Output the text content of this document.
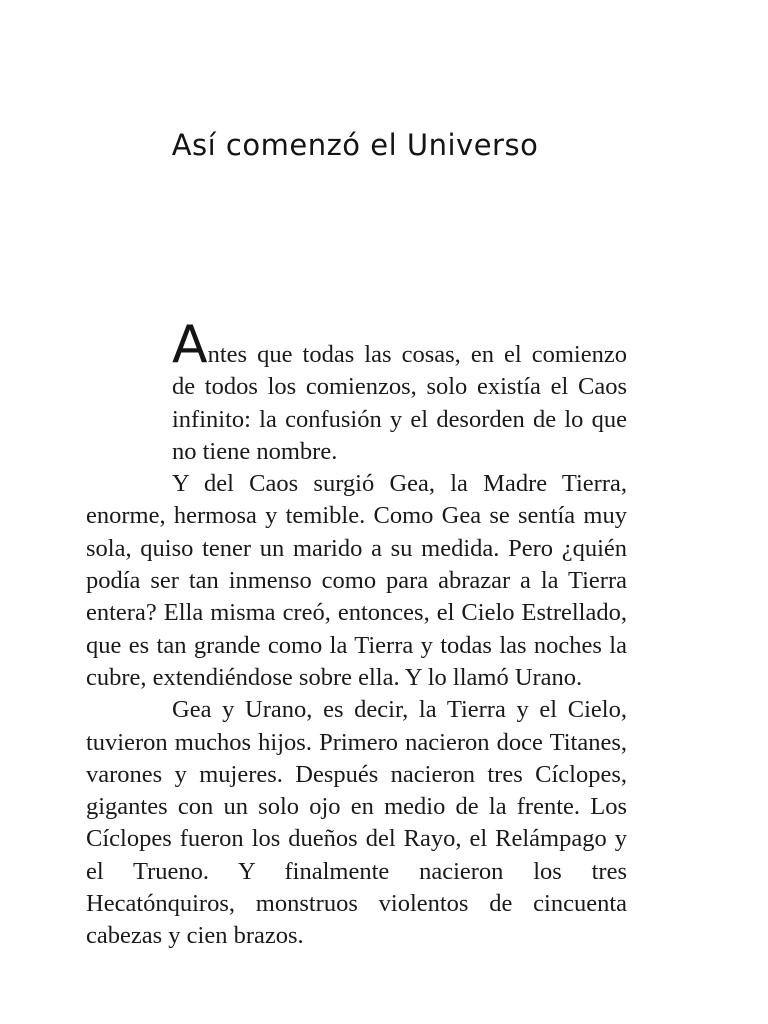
Así comenzó el Universo

Antes que todas las cosas, en el comienzo de todos los comienzos, solo existía el Caos infinito: la confusión y el desorden de lo que no tiene nombre.

Y del Caos surgió Gea, la Madre Tierra, enorme, hermosa y temible. Como Gea se sentía muy sola, quiso tener un marido a su medida. Pero ¿quién podía ser tan inmenso como para abrazar a la Tierra entera? Ella misma creó, entonces, el Cielo Estrellado, que es tan grande como la Tierra y todas las noches la cubre, extendiéndose sobre ella. Y lo llamó Urano.

Gea y Urano, es decir, la Tierra y el Cielo, tuvieron muchos hijos. Primero nacieron doce Titanes, varones y mujeres. Después nacieron tres Cíclopes, gigantes con un solo ojo en medio de la frente. Los Cíclopes fueron los dueños del Rayo, el Relámpago y el Trueno. Y finalmente nacieron los tres Hecatónquiros, monstruos violentos de cincuenta cabezas y cien brazos.
